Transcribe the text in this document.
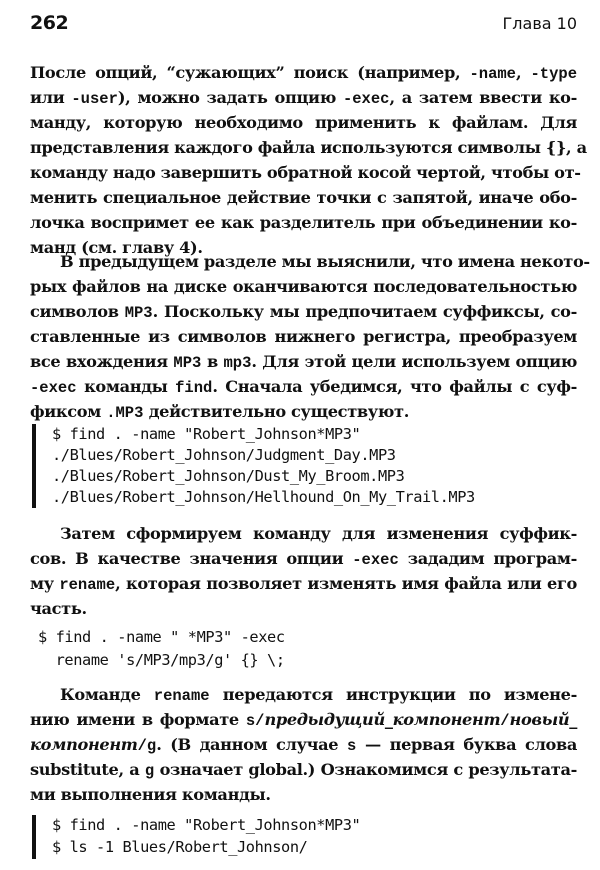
262	Глава 10
После опций, “сужающих” поиск (например, -name, -type
или -user), можно задать опцию -exec, а затем ввести ко-
манду, которую необходимо применить к файлам. Для
представления каждого файла используются символы {}, а
команду надо завершить обратной косой чертой, чтобы от-
менить специальное действие точки с запятой, иначе обо-
лочка воспримет ее как разделитель при объединении ко-
манд (см. главу 4).
В предыдущем разделе мы выяснили, что имена некото-
рых файлов на диске оканчиваются последовательностью
символов MP3. Поскольку мы предпочитаем суффиксы, со-
ставленные из символов нижнего регистра, преобразуем
все вхождения MP3 в mp3. Для этой цели используем опцию
-exec команды find. Сначала убедимся, что файлы с суф-
фиксом .MP3 действительно существуют.
$ find . -name "Robert_Johnson*MP3"
./Blues/Robert_Johnson/Judgment_Day.MP3
./Blues/Robert_Johnson/Dust_My_Broom.MP3
./Blues/Robert_Johnson/Hellhound_On_My_Trail.MP3
Затем сформируем команду для изменения суффик-
сов. В качестве значения опции -exec зададим програм-
му rename, которая позволяет изменять имя файла или его
часть.
$ find . -name " *MP3" -exec
rename 's/MP3/mp3/g' {} \;
Команде rename передаются инструкции по измене-
нию имени в формате s/предыдущий_компонент/новый_
компонент/g. (В данном случае s — первая буква слова
substitute, а g означает global.) Ознакомимся с результата-
ми выполнения команды.
$ find . -name "Robert_Johnson*MP3"
$ ls -1 Blues/Robert_Johnson/
